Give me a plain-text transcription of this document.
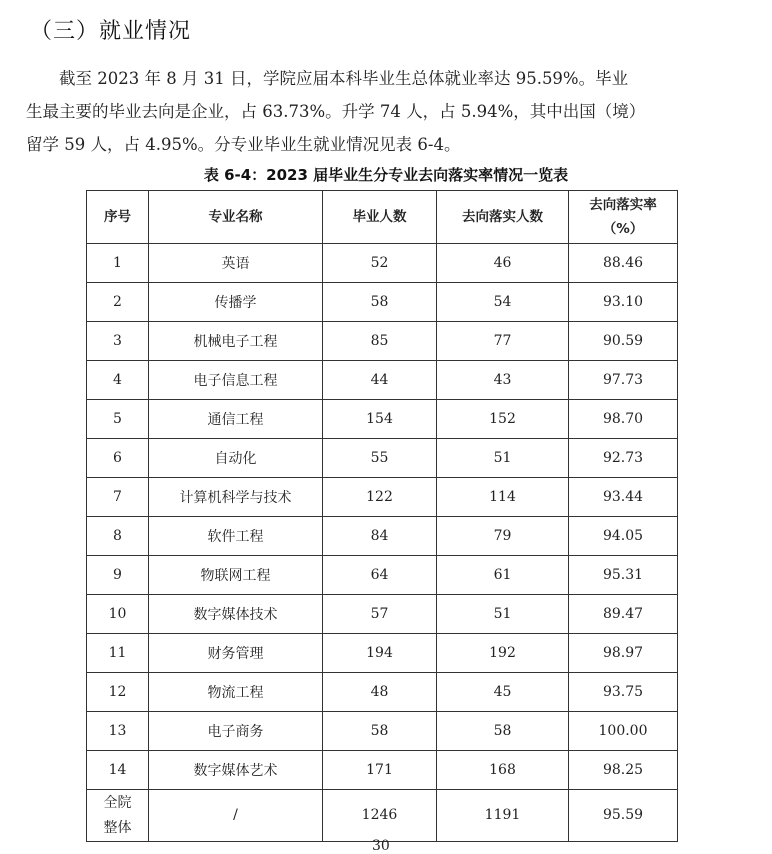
（三）就业情况

截至 2023 年 8 月 31 日，学院应届本科毕业生总体就业率达 95.59%。毕业

生最主要的毕业去向是企业，占 63.73%。升学 74 人，占 5.94%，其中出国（境）

留学 59 人，占 4.95%。分专业毕业生就业情况见表 6-4。

表 6-4：2023 届毕业生分专业去向落实率情况一览表
序号	专业名称	毕业人数	去向落实人数	去向落实率
（%）

1	英语	52	46	88.46
2	传播学	58	54	93.10
3	机械电子工程	85	77	90.59
4	电子信息工程	44	43	97.73
5	通信工程	154	152	98.70
6	自动化	55	51	92.73
7	计算机科学与技术	122	114	93.44
8	软件工程	84	79	94.05
9	物联网工程	64	61	95.31
10	数字媒体技术	57	51	89.47
11	财务管理	194	192	98.97
12	物流工程	48	45	93.75
13	电子商务	58	58	100.00
14	数字媒体艺术	171	168	98.25

全院
整体	/	1246	1191	95.59
30
